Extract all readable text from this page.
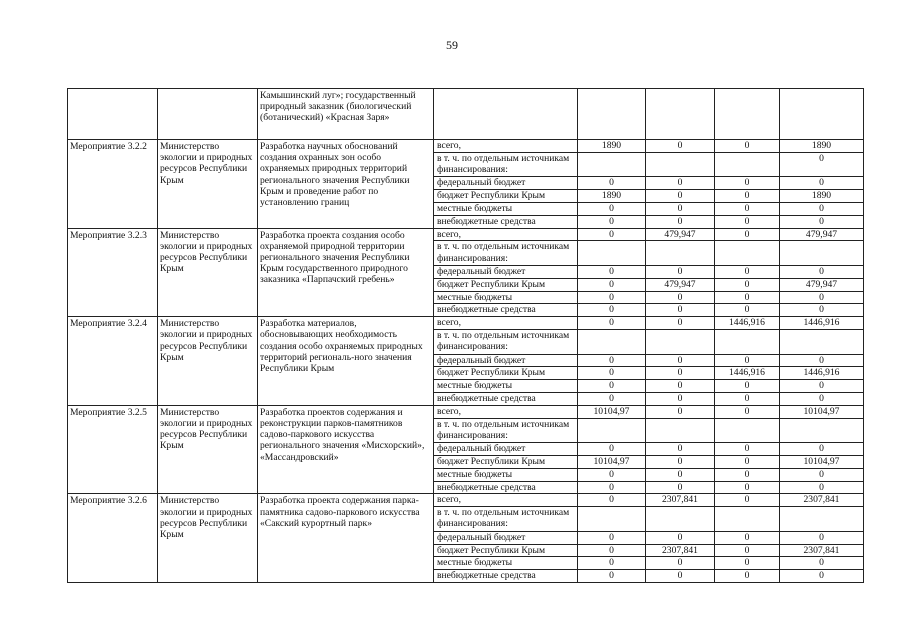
59

		Камышинский луг»; государственный природный заказник (биологический (ботанический) «Красная Заря»					

Мероприятие 3.2.2	Министерство экологии и природных ресурсов Республики Крым	Разработка научных обоснований создания охранных зон особо охраняемых природных территорий регионального значения Республики Крым и проведение работ по установлению границ	всего,	1890	0	0	1890
			в т. ч. по отдельным источникам финансирования:				0
			федеральный бюджет	0	0	0	0
			бюджет Республики Крым	1890	0	0	1890
			местные бюджеты	0	0	0	0
			внебюджетные средства	0	0	0	0

Мероприятие 3.2.3	Министерство экологии и природных ресурсов Республики Крым	Разработка проекта создания особо охраняемой природной территории регионального значения Республики Крым государственного природного заказника «Парпачский гребень»	всего,	0	479,947	0	479,947
			в т. ч. по отдельным источникам финансирования:				
			федеральный бюджет	0	0	0	0
			бюджет Республики Крым	0	479,947	0	479,947
			местные бюджеты	0	0	0	0
			внебюджетные средства	0	0	0	0

Мероприятие 3.2.4	Министерство экологии и природных ресурсов Республики Крым	Разработка материалов, обосновывающих необходимость создания особо охраняемых природных территорий региональ-ного значения Республики Крым	всего,	0	0	1446,916	1446,916
			в т. ч. по отдельным источникам финансирования:				
			федеральный бюджет	0	0	0	0
			бюджет Республики Крым	0	0	1446,916	1446,916
			местные бюджеты	0	0	0	0
			внебюджетные средства	0	0	0	0

Мероприятие 3.2.5	Министерство экологии и природных ресурсов Республики Крым	Разработка проектов содержания и реконструкции парков-памятников садово-паркового искусства регионального значения «Мисхорский», «Массандровский»	всего,	10104,97	0	0	10104,97
			в т. ч. по отдельным источникам финансирования:				
			федеральный бюджет	0	0	0	0
			бюджет Республики Крым	10104,97	0	0	10104,97
			местные бюджеты	0	0	0	0
			внебюджетные средства	0	0	0	0

Мероприятие 3.2.6	Министерство экологии и природных ресурсов Республики Крым	Разработка проекта содержания парка-памятника садово-паркового искусства «Сакский курортный парк»	всего,	0	2307,841	0	2307,841
			в т. ч. по отдельным источникам финансирования:				
			федеральный бюджет	0	0	0	0
			бюджет Республики Крым	0	2307,841	0	2307,841
			местные бюджеты	0	0	0	0
			внебюджетные средства	0	0	0	0
